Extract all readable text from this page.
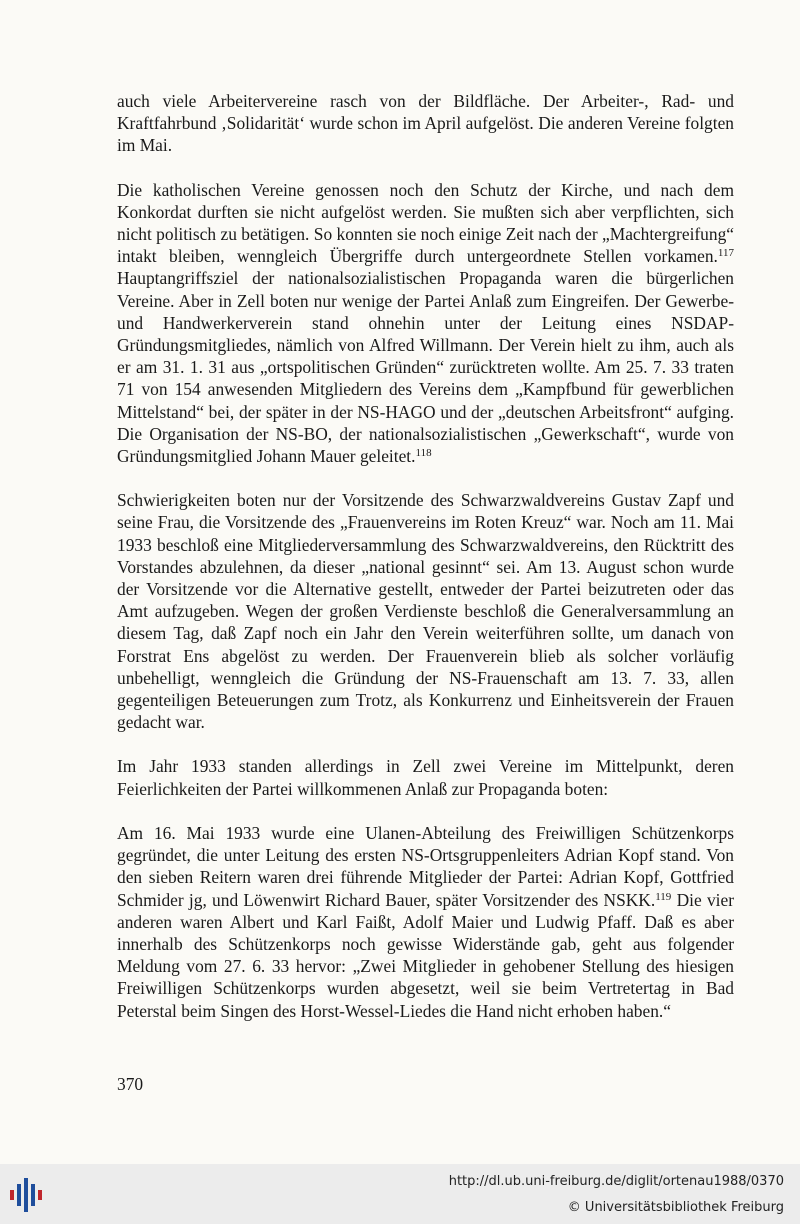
auch viele Arbeitervereine rasch von der Bildfläche. Der Arbeiter-, Rad- und Kraftfahrbund ‚Solidarität‘ wurde schon im April aufgelöst. Die anderen Vereine folgten im Mai.

Die katholischen Vereine genossen noch den Schutz der Kirche, und nach dem Konkordat durften sie nicht aufgelöst werden. Sie mußten sich aber verpflichten, sich nicht politisch zu betätigen. So konnten sie noch einige Zeit nach der „Machtergreifung“ intakt bleiben, wenngleich Übergriffe durch untergeordnete Stellen vorkamen.$^{117}$ Hauptangriffsziel der nationalsozialistischen Propaganda waren die bürgerlichen Vereine. Aber in Zell boten nur wenige der Partei Anlaß zum Eingreifen. Der Gewerbe- und Handwerkerverein stand ohnehin unter der Leitung eines NSDAP-Gründungsmitgliedes, nämlich von Alfred Willmann. Der Verein hielt zu ihm, auch als er am 31. 1. 31 aus „ortspolitischen Gründen“ zurücktreten wollte. Am 25. 7. 33 traten 71 von 154 anwesenden Mitgliedern des Vereins dem „Kampfbund für gewerblichen Mittelstand“ bei, der später in der NS-HAGO und der „deutschen Arbeitsfront“ aufging. Die Organisation der NS-BO, der nationalsozialistischen „Gewerkschaft“, wurde von Gründungsmitglied Johann Mauer geleitet.$^{118}$

Schwierigkeiten boten nur der Vorsitzende des Schwarzwaldvereins Gustav Zapf und seine Frau, die Vorsitzende des „Frauenvereins im Roten Kreuz“ war. Noch am 11. Mai 1933 beschloß eine Mitgliederversammlung des Schwarzwaldvereins, den Rücktritt des Vorstandes abzulehnen, da dieser „national gesinnt“ sei. Am 13. August schon wurde der Vorsitzende vor die Alternative gestellt, entweder der Partei beizutreten oder das Amt aufzugeben. Wegen der großen Verdienste beschloß die Generalversammlung an diesem Tag, daß Zapf noch ein Jahr den Verein weiterführen sollte, um danach von Forstrat Ens abgelöst zu werden. Der Frauenverein blieb als solcher vorläufig unbehelligt, wenngleich die Gründung der NS-Frauenschaft am 13. 7. 33, allen gegenteiligen Beteuerungen zum Trotz, als Konkurrenz und Einheitsverein der Frauen gedacht war.

Im Jahr 1933 standen allerdings in Zell zwei Vereine im Mittelpunkt, deren Feierlichkeiten der Partei willkommenen Anlaß zur Propaganda boten:

Am 16. Mai 1933 wurde eine Ulanen-Abteilung des Freiwilligen Schützenkorps gegründet, die unter Leitung des ersten NS-Ortsgruppenleiters Adrian Kopf stand. Von den sieben Reitern waren drei führende Mitglieder der Partei: Adrian Kopf, Gottfried Schmider jg, und Löwenwirt Richard Bauer, später Vorsitzender des NSKK.$^{119}$ Die vier anderen waren Albert und Karl Faißt, Adolf Maier und Ludwig Pfaff. Daß es aber innerhalb des Schützenkorps noch gewisse Widerstände gab, geht aus folgender Meldung vom 27. 6. 33 hervor: „Zwei Mitglieder in gehobener Stellung des hiesigen Freiwilligen Schützenkorps wurden abgesetzt, weil sie beim Vertretertag in Bad Peterstal beim Singen des Horst-Wessel-Liedes die Hand nicht erhoben haben.“

370
http://dl.ub.uni-freiburg.de/diglit/ortenau1988/0370
© Universitätsbibliothek Freiburg
